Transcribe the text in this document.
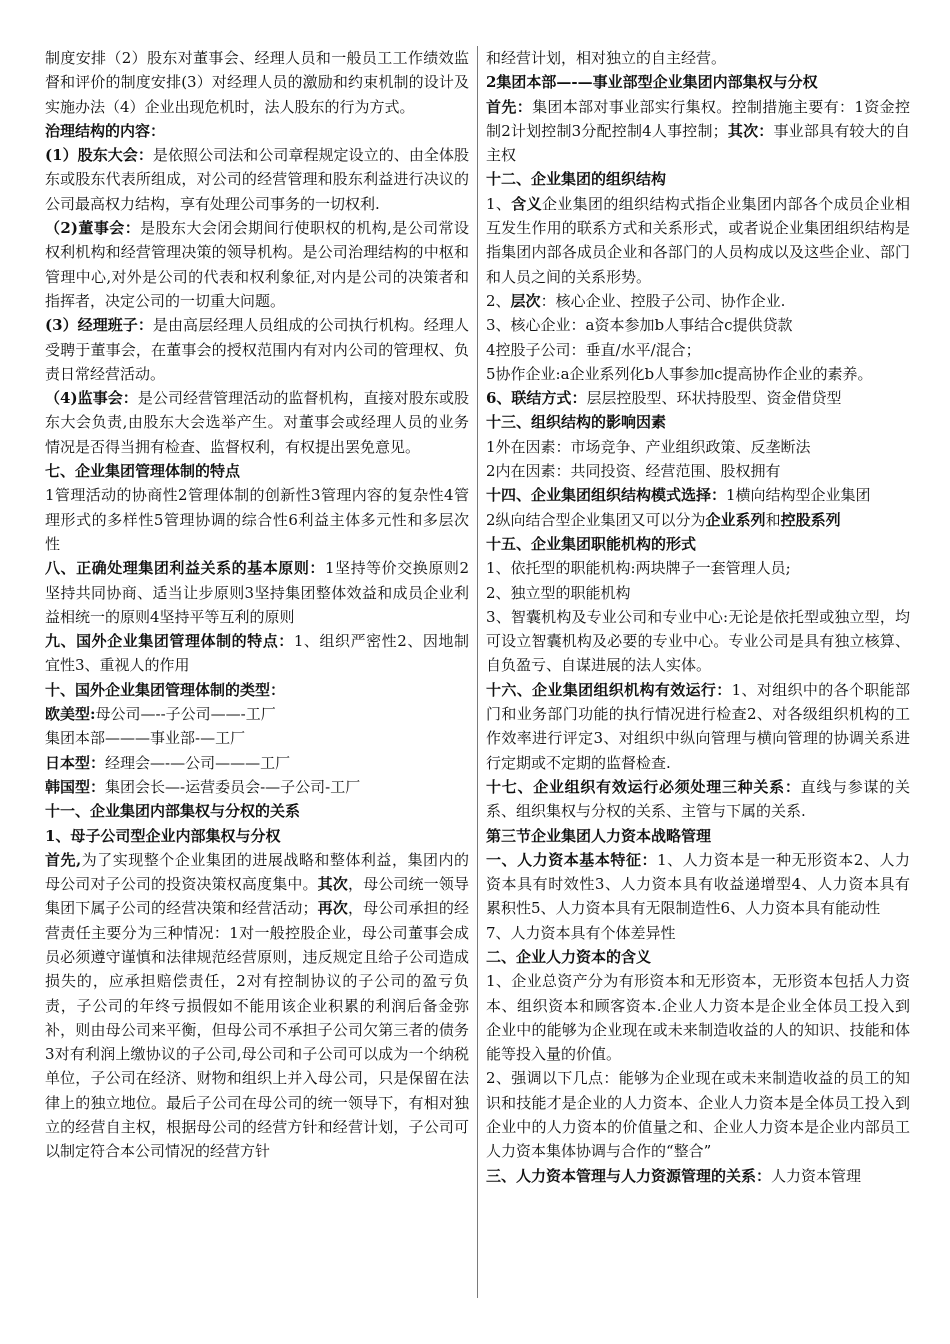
制度安排（2）股东对董事会、经理人员和一般员工工作绩效监督和评价的制度安排(3）对经理人员的激励和约束机制的设计及实施办法（4）企业出现危机时，法人股东的行为方式。

治理结构的内容：

(1）股东大会：是依照公司法和公司章程规定设立的、由全体股东或股东代表所组成，对公司的经营管理和股东利益进行决议的公司最高权力结构，享有处理公司事务的一切权利.

（2)董事会：是股东大会闭会期间行使职权的机构,是公司常设权利机构和经营管理决策的领导机构。是公司治理结构的中枢和管理中心,对外是公司的代表和权利象征,对内是公司的决策者和指挥者，决定公司的一切重大问题。

(3）经理班子：是由高层经理人员组成的公司执行机构。经理人受聘于董事会，在董事会的授权范围内有对内公司的管理权、负责日常经营活动。

（4)监事会：是公司经营管理活动的监督机构，直接对股东或股东大会负责,由股东大会选举产生。对董事会或经理人员的业务情况是否得当拥有检查、监督权利，有权提出罢免意见。

七、企业集团管理体制的特点

1管理活动的协商性2管理体制的创新性3管理内容的复杂性4管理形式的多样性5管理协调的综合性6利益主体多元性和多层次性

八、正确处理集团利益关系的基本原则：1坚持等价交换原则2坚持共同协商、适当让步原则3坚持集团整体效益和成员企业利益相统一的原则4坚持平等互利的原则

九、国外企业集团管理体制的特点：1、组织严密性2、因地制宜性3、重视人的作用

十、国外企业集团管理体制的类型：

欧美型:母公司—--子公司——-工厂

集团本部———事业部-—工厂

日本型：经理会—-—公司———工厂

韩国型：集团会长—-运营委员会-—子公司-工厂

十一、企业集团内部集权与分权的关系

1、母子公司型企业内部集权与分权

首先,为了实现整个企业集团的进展战略和整体利益，集团内的母公司对子公司的投资决策权高度集中。其次，母公司统一领导集团下属子公司的经营决策和经营活动；再次，母公司承担的经营责任主要分为三种情况：1对一般控股企业，母公司董事会成员必须遵守谨慎和法律规范经营原则，违反规定且给子公司造成损失的，应承担赔偿责任，2对有控制协议的子公司的盈亏负责，子公司的年终亏损假如不能用该企业积累的利润后备金弥补，则由母公司来平衡，但母公司不承担子公司欠第三者的债务3对有利润上缴协议的子公司,母公司和子公司可以成为一个纳税单位，子公司在经济、财物和组织上并入母公司，只是保留在法律上的独立地位。最后子公司在母公司的统一领导下，有相对独立的经营自主权，根据母公司的经营方针和经营计划，子公司可以制定符合本公司情况的经营方针

和经营计划，相对独立的自主经营。

2集团本部—-—事业部型企业集团内部集权与分权

首先：集团本部对事业部实行集权。控制措施主要有：1资金控制2计划控制3分配控制4人事控制；其次：事业部具有较大的自主权

十二、企业集团的组织结构

1、含义企业集团的组织结构式指企业集团内部各个成员企业相互发生作用的联系方式和关系形式，或者说企业集团组织结构是指集团内部各成员企业和各部门的人员构成以及这些企业、部门和人员之间的关系形势。

2、层次：核心企业、控股子公司、协作企业.

3、核心企业：a资本参加b人事结合c提供贷款

4控股子公司：垂直/水平/混合；

5协作企业:a企业系列化b人事参加c提高协作企业的素养。

6、联结方式：层层控股型、环状持股型、资金借贷型

十三、组织结构的影响因素

1外在因素：市场竞争、产业组织政策、反垄断法

2内在因素：共同投资、经营范围、股权拥有

十四、企业集团组织结构模式选择：1横向结构型企业集团

2纵向结合型企业集团又可以分为企业系列和控股系列

十五、企业集团职能机构的形式

1、依托型的职能机构:两块牌子一套管理人员;

2、独立型的职能机构

3、智囊机构及专业公司和专业中心:无论是依托型或独立型，均可设立智囊机构及必要的专业中心。专业公司是具有独立核算、自负盈亏、自谋进展的法人实体。

十六、企业集团组织机构有效运行：1、对组织中的各个职能部门和业务部门功能的执行情况进行检查2、对各级组织机构的工作效率进行评定3、对组织中纵向管理与横向管理的协调关系进行定期或不定期的监督检查.

十七、企业组织有效运行必须处理三种关系：直线与参谋的关系、组织集权与分权的关系、主管与下属的关系.

第三节企业集团人力资本战略管理

一、人力资本基本特征：1、人力资本是一种无形资本2、人力资本具有时效性3、人力资本具有收益递增型4、人力资本具有累积性5、人力资本具有无限制造性6、人力资本具有能动性

7、人力资本具有个体差异性

二、企业人力资本的含义

1、企业总资产分为有形资本和无形资本，无形资本包括人力资本、组织资本和顾客资本.企业人力资本是企业全体员工投入到企业中的能够为企业现在或未来制造收益的人的知识、技能和体能等投入量的价值。

2、强调以下几点：能够为企业现在或未来制造收益的员工的知识和技能才是企业的人力资本、企业人力资本是全体员工投入到企业中的人力资本的价值量之和、企业人力资本是企业内部员工人力资本集体协调与合作的“整合”

三、人力资本管理与人力资源管理的关系：人力资本管理
